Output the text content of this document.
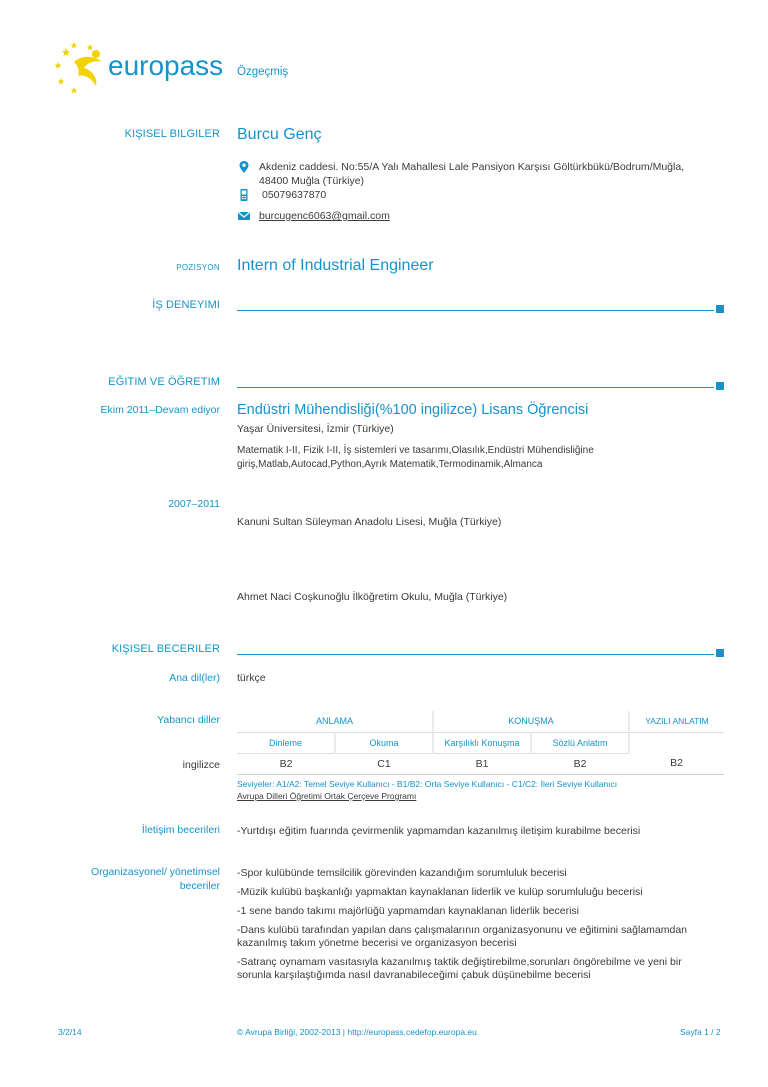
europass Özgeçmiş
KIŞISEL BILGILER Burcu Genç
Akdeniz caddesi. No:55/A Yalı Mahallesi Lale Pansiyon Karşısı Göltürkbükü/Bodrum/Muğla,
48400 Muğla (Türkiye)
05079637870
burcugenc6063@gmail.com
POZISYON Intern of Industrial Engineer
İŞ DENEYIMI
EĞITIM VE ÖĞRETIM
Ekim 2011–Devam ediyor Endüstri Mühendisliği(%100 ingilizce) Lisans Öğrencisi
Yaşar Üniversitesi, İzmir (Türkiye)
Matematik I-II, Fizik I-II, İş sistemleri ve tasarımı,Olasılık,Endüstri Mühendisliğine
giriş,Matlab,Autocad,Python,Ayrık Matematik,Termodinamik,Almanca
2007–2011
Kanuni Sultan Süleyman Anadolu Lisesi, Muğla (Türkiye)
Ahmet Naci Coşkunoğlu İlköğretim Okulu, Muğla (Türkiye)
KIŞISEL BECERILER
Ana dil(ler) türkçe
Yabancı diller	ANLAMA		KONUŞMA		YAZILI ANLATIM
Dinleme	Okuma	Karşılıklı Konuşma	Sözlü Anlatım	
B2	C1	B1	B2	B2
ingilizce
Seviyeler: A1/A2: Temel Seviye Kullanıcı - B1/B2: Orta Seviye Kullanıcı - C1/C2: İleri Seviye Kullanıcı
Avrupa Dilleri Öğretimi Ortak Çerçeve Programı
İletişim becerileri -Yurtdışı eğitim fuarında çevirmenlik yapmamdan kazanılmış iletişim kurabilme becerisi
Organizasyonel/ yönetimsel
beceriler
-Spor kulübünde temsilcilik görevinden kazandığım sorumluluk becerisi
-Müzik kulübü başkanlığı yapmaktan kaynaklanan liderlik ve kulüp sorumluluğu becerisi
-1 sene bando takımı majörlüğü yapmamdan kaynaklanan liderlik becerisi
-Dans kulübü tarafından yapılan dans çalışmalarının organizasyonunu ve eğitimini sağlamamdan
kazanılmış takım yönetme becerisi ve organizasyon becerisi
-Satranç oynamam vasıtasıyla kazanılmış taktik değiştirebilme,sorunları öngörebilme ve yeni bir
sorunla karşılaştığımda nasıl davranabileceğimi çabuk düşünebilme becerisi
3/2/14	© Avrupa Birliği, 2002-2013 | http://europass.cedefop.europa.eu	Sayfa 1 / 2
